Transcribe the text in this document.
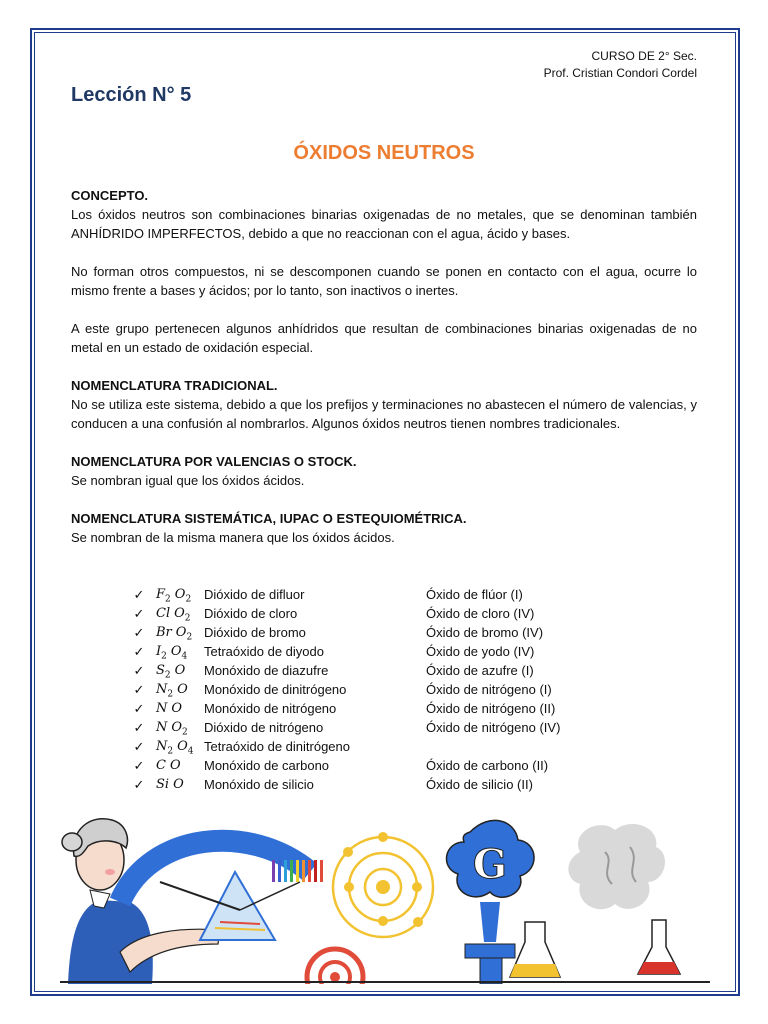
CURSO DE 2° Sec.
Prof. Cristian Condori Cordel
Lección N° 5
ÓXIDOS NEUTROS
CONCEPTO.

Los óxidos neutros son combinaciones binarias oxigenadas de no metales, que se denominan también ANHÍDRIDO IMPERFECTOS, debido a que no reaccionan con el agua, ácido y bases.

No forman otros compuestos, ni se descomponen cuando se ponen en contacto con el agua, ocurre lo mismo frente a bases y ácidos; por lo tanto, son inactivos o inertes.

A este grupo pertenecen algunos anhídridos que resultan de combinaciones binarias oxigenadas de no metal en un estado de oxidación especial.

NOMENCLATURA TRADICIONAL.

No se utiliza este sistema, debido a que los prefijos y terminaciones no abastecen el número de valencias, y conducen a una confusión al nombrarlos. Algunos óxidos neutros tienen nombres tradicionales.

NOMENCLATURA POR VALENCIAS O STOCK.

Se nombran igual que los óxidos ácidos.

NOMENCLATURA SISTEMÁTICA, IUPAC O ESTEQUIOMÉTRICA.

Se nombran de la misma manera que los óxidos ácidos.

✓ $F_2$ $O_2$ Dióxido de difluor	Óxido de flúor (I)
✓ Cl $O_2$ Dióxido de cloro	Óxido de cloro (IV)
✓ Br $O_2$ Dióxido de bromo	Óxido de bromo (IV)
✓ $I_2$ $O_4$ Tetraóxido de diyodo	Óxido de yodo (IV)
✓ $S_2$ O Monóxido de diazufre	Óxido de azufre (I)
✓ $N_2$ O Monóxido de dinitrógeno	Óxido de nitrógeno (I)
✓ N O Monóxido de nitrógeno	Óxido de nitrógeno (II)
✓ N $O_2$ Dióxido de nitrógeno	Óxido de nitrógeno (IV)
✓ $N_2$ $O_4$ Tetraóxido de dinitrógeno
✓ C O Monóxido de carbono	Óxido de carbono (II)
✓ Si O Monóxido de silicio	Óxido de silicio (II)
G
